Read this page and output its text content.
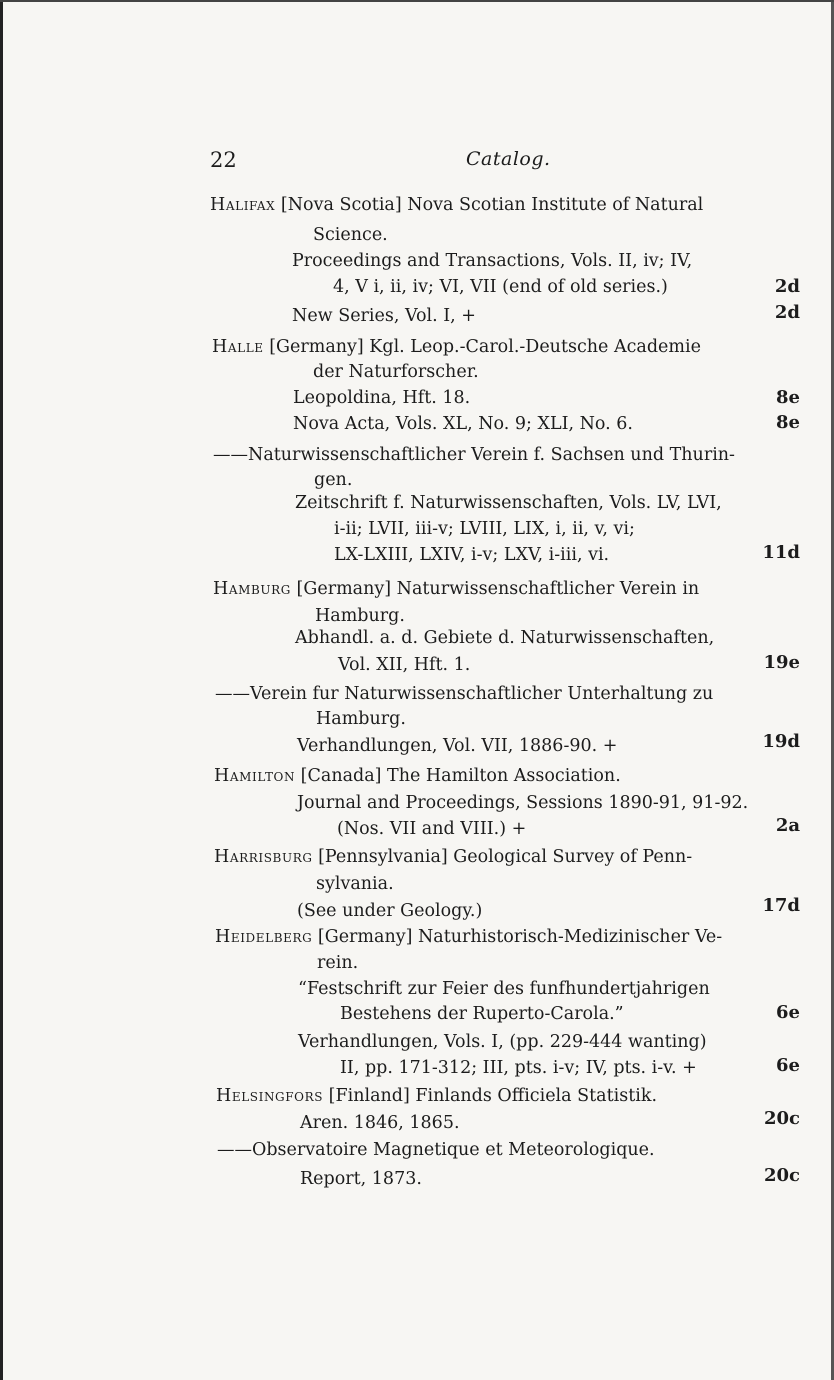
22	Catalog.
Halifax [Nova Scotia] Nova Scotian Institute of Natural
Science.
Proceedings and Transactions, Vols. II, iv; IV,
4, V i, ii, iv; VI, VII (end of old series.)	2d
New Series, Vol. I, +	2d
Halle [Germany] Kgl. Leop.-Carol.-Deutsche Academie
der Naturforscher.
Leopoldina, Hft. 18.	8e
Nova Acta, Vols. XL, No. 9; XLI, No. 6.	8e
——Naturwissenschaftlicher Verein f. Sachsen und Thurin-
gen.
Zeitschrift f. Naturwissenschaften, Vols. LV, LVI,
i-ii; LVII, iii-v; LVIII, LIX, i, ii, v, vi;
LX-LXIII, LXIV, i-v; LXV, i-iii, vi.	11d
Hamburg [Germany] Naturwissenschaftlicher Verein in
Hamburg.
Abhandl. a. d. Gebiete d. Naturwissenschaften,
Vol. XII, Hft. 1.	19e
——Verein fur Naturwissenschaftlicher Unterhaltung zu
Hamburg.
Verhandlungen, Vol. VII, 1886-90. +	19d
Hamilton [Canada] The Hamilton Association.
Journal and Proceedings, Sessions 1890-91, 91-92.
(Nos. VII and VIII.) +	2a
Harrisburg [Pennsylvania] Geological Survey of Penn-
sylvania.
(See under Geology.)	17d
Heidelberg [Germany] Naturhistorisch-Medizinischer Ve-
rein.
“Festschrift zur Feier des funfhundertjahrigen
Bestehens der Ruperto-Carola.”	6e
Verhandlungen, Vols. I, (pp. 229-444 wanting)
II, pp. 171-312; III, pts. i-v; IV, pts. i-v. +	6e
Helsingfors [Finland] Finlands Officiela Statistik.
Aren. 1846, 1865.	20c
——Observatoire Magnetique et Meteorologique.
Report, 1873.	20c
